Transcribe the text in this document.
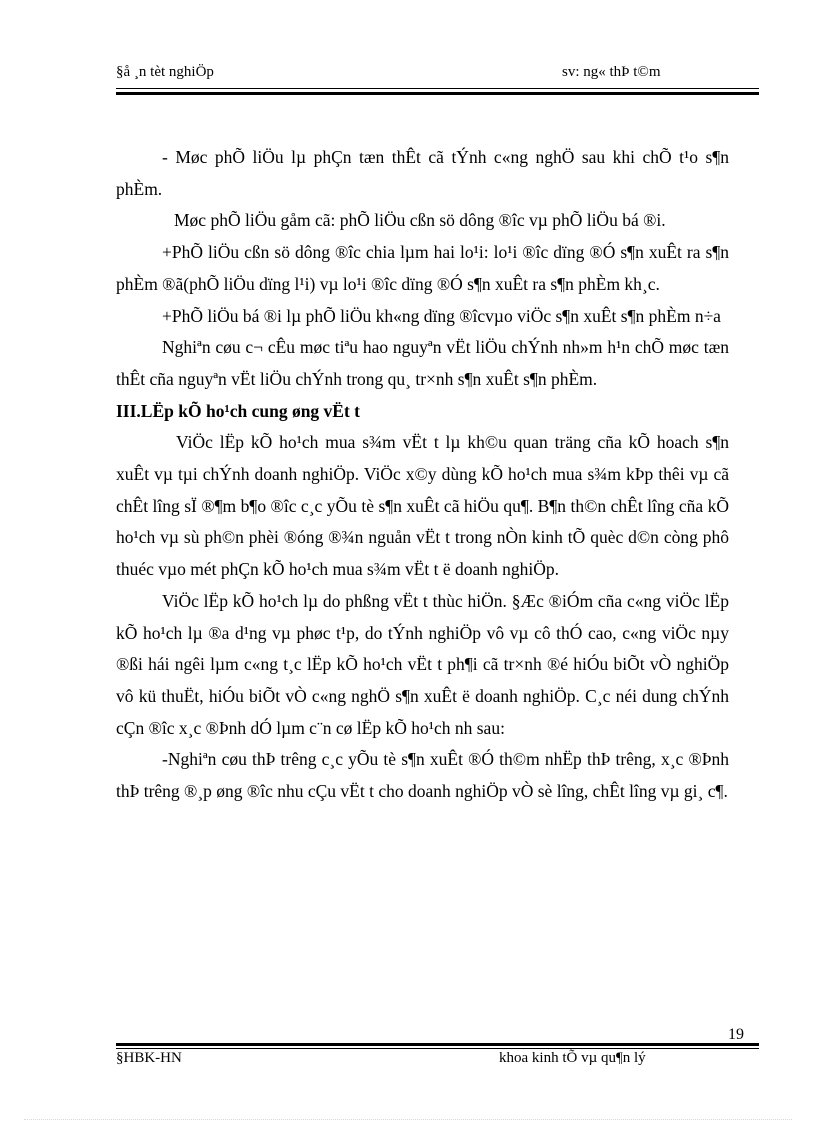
§å ¸n tèt nghiÖp	sv: ng« thÞ t©m

- Møc phÕ liÖu lµ phÇn tæn thÊt cã tÝnh c«ng nghÖ sau khi chÕ t¹o s¶n phÈm.

Møc phÕ liÖu gåm cã: phÕ liÖu cßn sö dông ®îc vµ phÕ liÖu bá ®i.

+PhÕ liÖu cßn sö dông ®îc chia lµm hai lo¹i: lo¹i ®îc dïng ®Ó s¶n xuÊt ra s¶n phÈm ®ã(phÕ liÖu dïng l¹i) vµ lo¹i ®îc dïng ®Ó s¶n xuÊt ra s¶n phÈm kh¸c.

+PhÕ liÖu bá ®i lµ phÕ liÖu kh«ng dïng ®îcvµo viÖc s¶n xuÊt s¶n phÈm n÷a

Nghiªn cøu c¬ cÊu møc tiªu hao nguyªn vËt liÖu chÝnh nh»m h¹n chÕ møc tæn thÊt cña nguyªn vËt liÖu chÝnh trong qu¸ tr×nh s¶n xuÊt s¶n phÈm.

III.LËp kÕ ho¹ch cung øng vËt t

ViÖc lËp kÕ ho¹ch mua s¾m vËt t lµ kh©u quan träng cña kÕ hoach s¶n xuÊt vµ tµi chÝnh doanh nghiÖp. ViÖc x©y dùng kÕ ho¹ch mua s¾m kÞp thêi vµ cã chÊt lîng sÏ ®¶m b¶o ®îc c¸c yÕu tè s¶n xuÊt cã hiÖu qu¶. B¶n th©n chÊt lîng cña kÕ ho¹ch vµ sù ph©n phèi ®óng ®¾n nguån vËt t trong nÒn kinh tÕ quèc d©n còng phô thuéc vµo mét phÇn kÕ ho¹ch mua s¾m vËt t ë doanh nghiÖp.

ViÖc lËp kÕ ho¹ch lµ do phßng vËt t thùc hiÖn. §Æc ®iÓm cña c«ng viÖc lËp kÕ ho¹ch lµ ®a d¹ng vµ phøc t¹p, do tÝnh nghiÖp vô vµ cô thÓ cao, c«ng viÖc nµy ®ßi hái ngêi lµm c«ng t¸c lËp kÕ ho¹ch vËt t ph¶i cã tr×nh ®é hiÓu biÕt vÒ nghiÖp vô kü thuËt, hiÓu biÕt vÒ c«ng nghÖ s¶n xuÊt ë doanh nghiÖp. C¸c néi dung chÝnh cÇn ®îc x¸c ®Þnh dÓ lµm c¨n cø lËp kÕ ho¹ch nh sau:

-Nghiªn cøu thÞ trêng c¸c yÕu tè s¶n xuÊt ®Ó th©m nhËp thÞ trêng, x¸c ®Þnh thÞ trêng ®¸p øng ®îc nhu cÇu vËt t cho doanh nghiÖp vÒ sè lîng, chÊt lîng vµ gi¸ c¶.

19
§HBK-HN	khoa kinh tÕ vµ qu¶n lý
